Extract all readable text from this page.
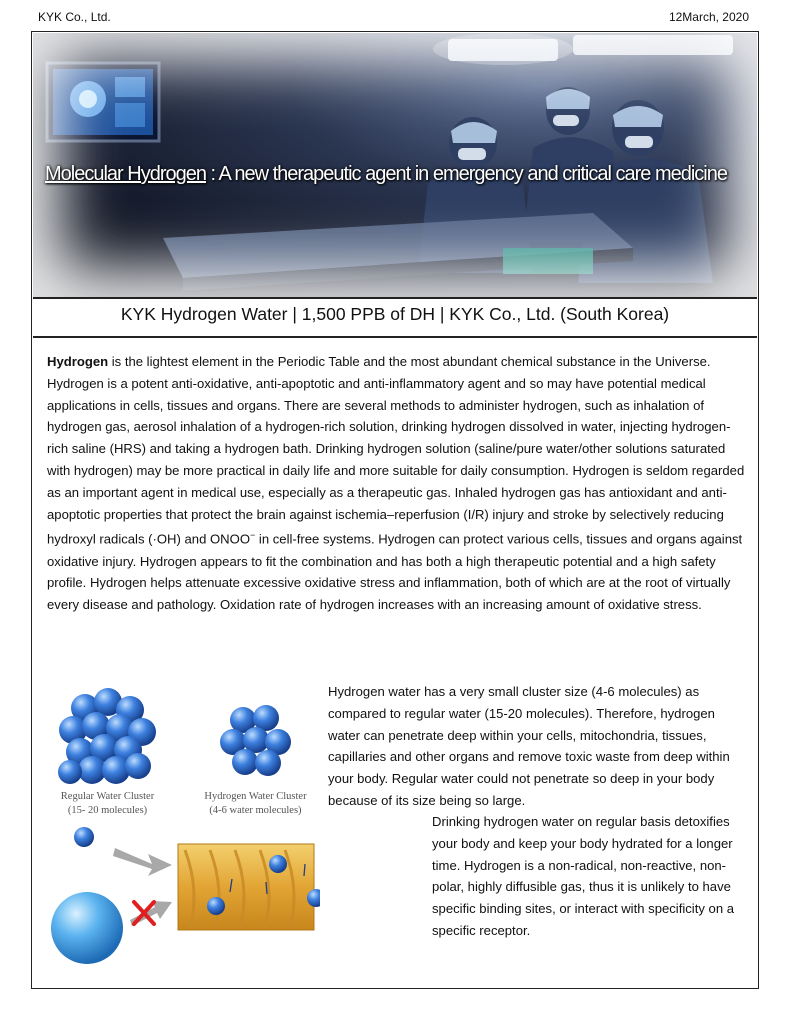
KYK Co., Ltd.	12March, 2020
Molecular Hydrogen : A new therapeutic agent in emergency and critical care medicine
KYK Hydrogen Water | 1,500 PPB of DH | KYK Co., Ltd. (South Korea)
Hydrogen is the lightest element in the Periodic Table and the most abundant chemical substance in the Universe. Hydrogen is a potent anti-oxidative, anti-apoptotic and anti-inflammatory agent and so may have potential medical applications in cells, tissues and organs. There are several methods to administer hydrogen, such as inhalation of hydrogen gas, aerosol inhalation of a hydrogen-rich solution, drinking hydrogen dissolved in water, injecting hydrogen-rich saline (HRS) and taking a hydrogen bath. Drinking hydrogen solution (saline/pure water/other solutions saturated with hydrogen) may be more practical in daily life and more suitable for daily consumption. Hydrogen is seldom regarded as an important agent in medical use, especially as a therapeutic gas. Inhaled hydrogen gas has antioxidant and anti-apoptotic properties that protect the brain against ischemia–reperfusion (I/R) injury and stroke by selectively reducing hydroxyl radicals (·OH) and ONOO− in cell-free systems. Hydrogen can protect various cells, tissues and organs against oxidative injury. Hydrogen appears to fit the combination and has both a high therapeutic potential and a high safety profile. Hydrogen helps attenuate excessive oxidative stress and inflammation, both of which are at the root of virtually every disease and pathology. Oxidation rate of hydrogen increases with an increasing amount of oxidative stress.
Regular Water Cluster
(15- 20 molecules)
Hydrogen Water Cluster
(4-6 water molecules)
Hydrogen water has a very small cluster size (4-6 molecules) as compared to regular water (15-20 molecules). Therefore, hydrogen water can penetrate deep within your cells, mitochondria, tissues, capillaries and other organs and remove toxic waste from deep within your body. Regular water could not penetrate so deep in your body because of its size being so large.
Drinking hydrogen water on regular basis detoxifies your body and keep your body hydrated for a longer time. Hydrogen is a non-radical, non-reactive, non-polar, highly diffusible gas, thus it is unlikely to have specific binding sites, or interact with specificity on a specific receptor.
